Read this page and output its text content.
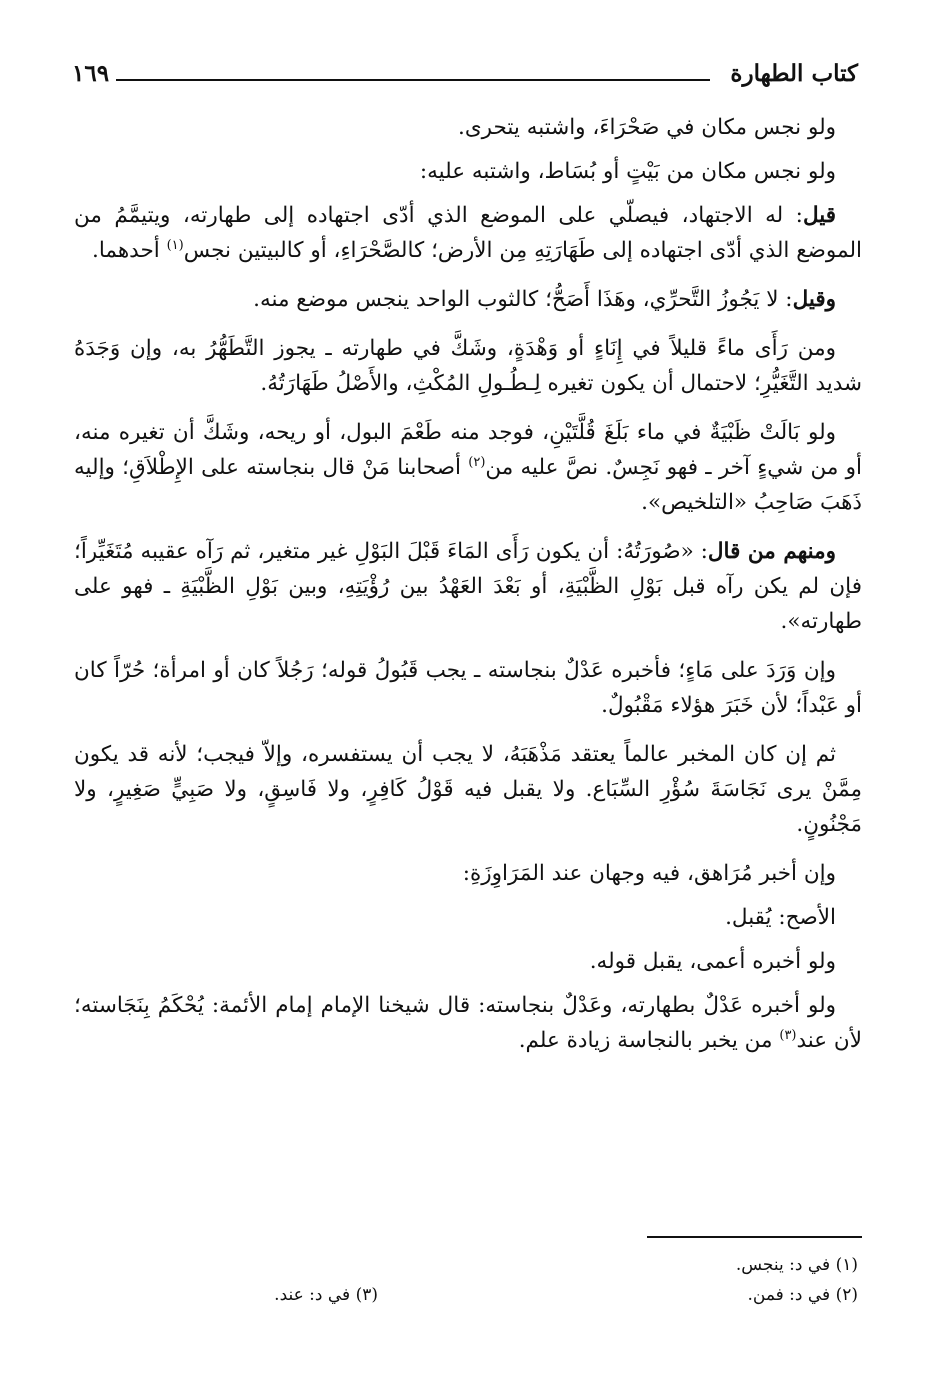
كتاب الطهارة
١٦٩

ولو نجس مكان في صَحْرَاءَ، واشتبه يتحرى.

ولو نجس مكان من بَيْتٍ أو بُسَاط، واشتبه عليه:

قيل: له الاجتهاد، فيصلّي على الموضع الذي أدّى اجتهاده إلى طهارته، ويتيمَّمُ من الموضع الذي أدّى اجتهاده إلى طَهَارَتِهِ مِن الأرض؛ كالصَّحْرَاءِ، أو كالبيتين نجس$^{(١)}$ أحدهما.

وقيل: لا يَجُوزُ التَّحرِّي، وهَذَا أَصَحُّ؛ كالثوب الواحد ينجس موضع منه.

ومن رَأَى ماءً قليلاً في إِنَاءٍ أو وَهْدَةٍ، وشَكَّ في طهارته ـ يجوز التَّطَهُّرُ به، وإن وَجَدَهُ شديد التَّغَيُّرِ؛ لاحتمال أن يكون تغيره لِـطُـولِ المُكْثِ، والأَصْلُ طَهَارَتُهُ.

ولو بَالَتْ ظَبْيَةٌ في ماء بَلَغَ قُلَّتَيْنِ، فوجد منه طَعْمَ البول، أو ريحه، وشَكَّ أن تغيره منه، أو من شيءٍ آخر ـ فهو نَجِسٌ. نصَّ عليه من$^{(٢)}$ أصحابنا مَنْ قال بنجاسته على الإِطْلاَقِ؛ وإليه ذَهَبَ صَاحِبُ «التلخيص».

ومنهم من قال: «صُورَتُهُ: أن يكون رَأَى المَاءَ قَبْلَ البَوْلِ غير متغير، ثم رَآه عقيبه مُتَغَيِّراً؛ فإن لم يكن رآه قبل بَوْلِ الظَّبْيَةِ، أو بَعْدَ العَهْدُ بين رُؤْيَتِهِ، وبين بَوْلِ الظَّبْيَةِ ـ فهو على طهارته».

وإن وَرَدَ على مَاءٍ؛ فأخبره عَدْلٌ بنجاسته ـ يجب قَبُولُ قوله؛ رَجُلاً كان أو امرأة؛ حُرّاً كان أو عَبْداً؛ لأن خَبَرَ هؤلاء مَقْبُولٌ.

ثم إن كان المخبر عالماً يعتقد مَذْهَبَهُ، لا يجب أن يستفسره، وإلاّ فيجب؛ لأنه قد يكون مِمَّنْ يرى نَجَاسَةَ سُؤْرِ السِّبَاع. ولا يقبل فيه قَوْلُ كَافِرٍ، ولا فَاسِقٍ، ولا صَبِيٍّ صَغِيرٍ، ولا مَجْنُونٍ.

وإن أخبر مُرَاهق، فيه وجهان عند المَرَاوِزَةِ:

الأصح: يُقبل.

ولو أخبره أعمى، يقبل قوله.

ولو أخبره عَدْلٌ بطهارته، وعَدْلٌ بنجاسته: قال شيخنا الإمام إمام الأئمة: يُحْكَمُ بِنَجَاسته؛ لأن عند$^{(٣)}$ من يخبر بالنجاسة زيادة علم.

(١) في د: ينجس.
(٢) في د: فمن.
(٣) في د: عند.
